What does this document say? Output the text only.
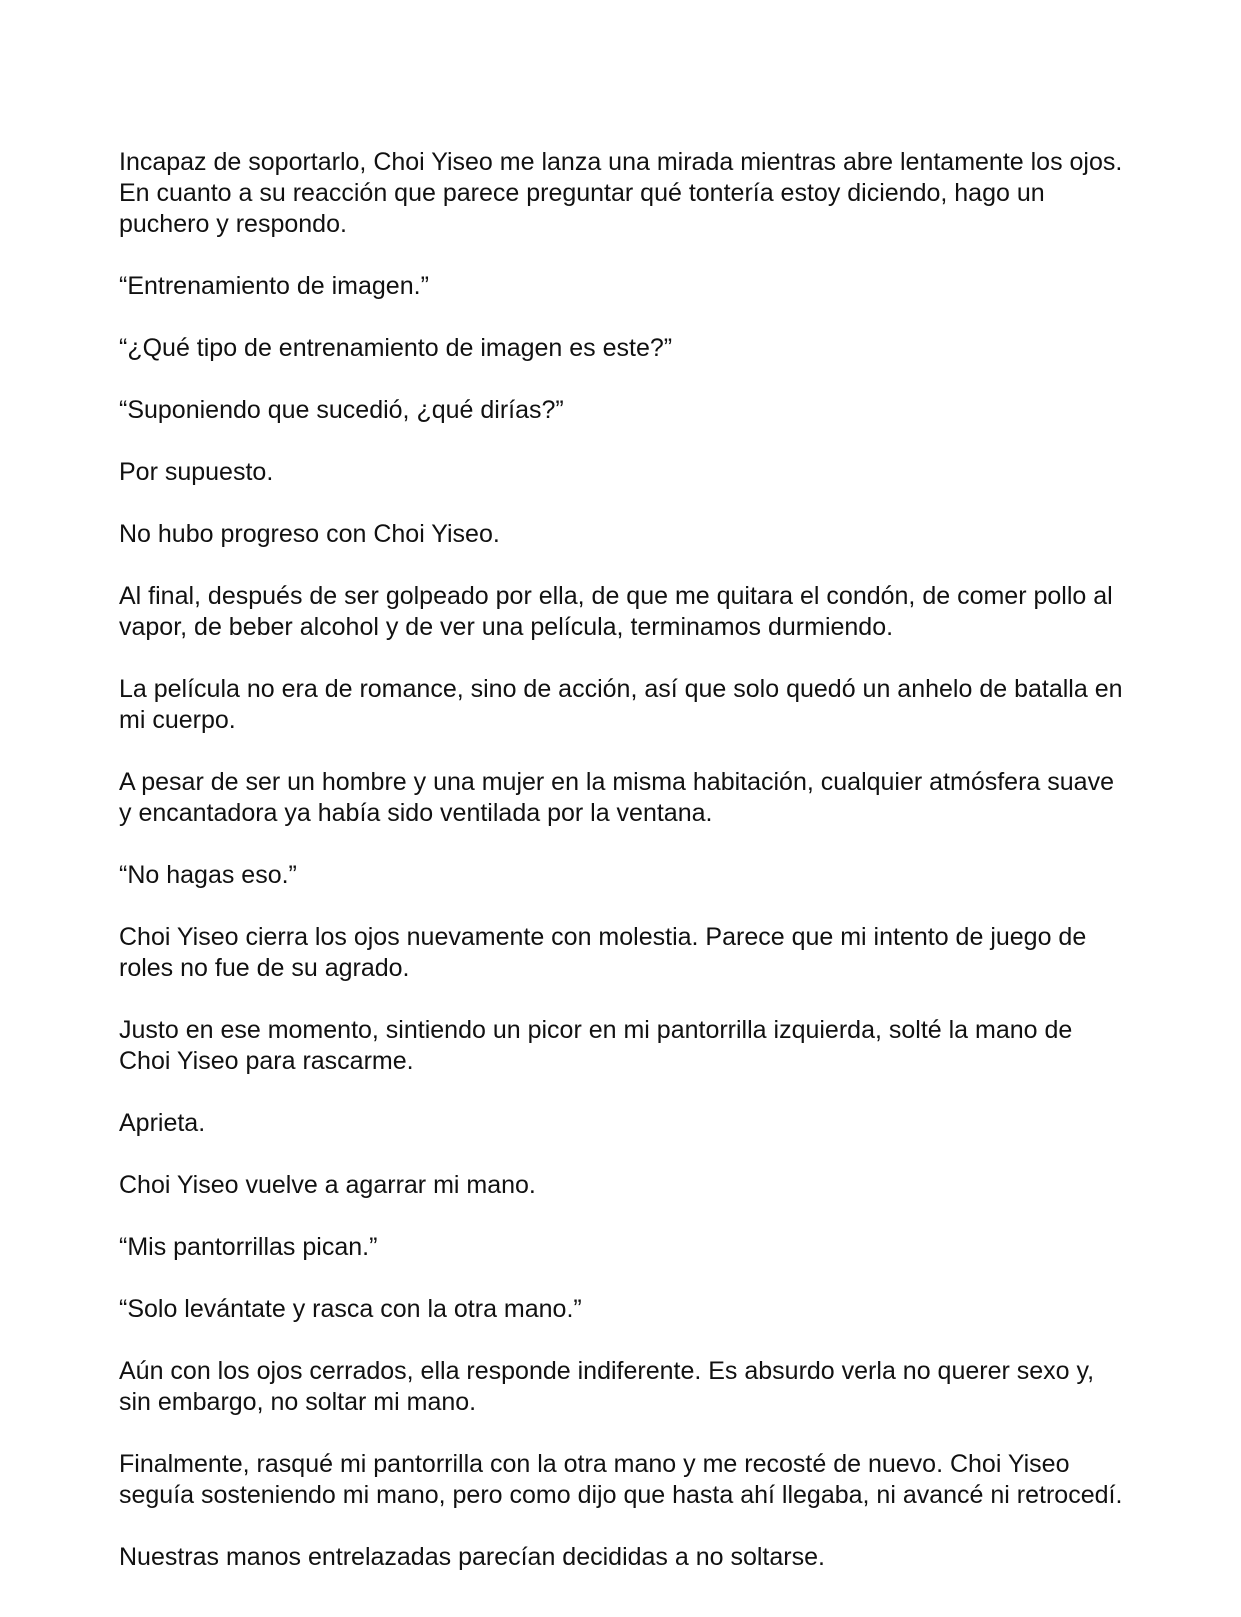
Incapaz de soportarlo, Choi Yiseo me lanza una mirada mientras abre lentamente los ojos. En cuanto a su reacción que parece preguntar qué tontería estoy diciendo, hago un puchero y respondo.

“Entrenamiento de imagen.”

“¿Qué tipo de entrenamiento de imagen es este?”

“Suponiendo que sucedió, ¿qué dirías?”

Por supuesto.

No hubo progreso con Choi Yiseo.

Al final, después de ser golpeado por ella, de que me quitara el condón, de comer pollo al vapor, de beber alcohol y de ver una película, terminamos durmiendo.

La película no era de romance, sino de acción, así que solo quedó un anhelo de batalla en mi cuerpo.

A pesar de ser un hombre y una mujer en la misma habitación, cualquier atmósfera suave y encantadora ya había sido ventilada por la ventana.

“No hagas eso.”

Choi Yiseo cierra los ojos nuevamente con molestia. Parece que mi intento de juego de roles no fue de su agrado.

Justo en ese momento, sintiendo un picor en mi pantorrilla izquierda, solté la mano de Choi Yiseo para rascarme.

Aprieta.

Choi Yiseo vuelve a agarrar mi mano.

“Mis pantorrillas pican.”

“Solo levántate y rasca con la otra mano.”

Aún con los ojos cerrados, ella responde indiferente. Es absurdo verla no querer sexo y, sin embargo, no soltar mi mano.

Finalmente, rasqué mi pantorrilla con la otra mano y me recosté de nuevo. Choi Yiseo seguía sosteniendo mi mano, pero como dijo que hasta ahí llegaba, ni avancé ni retrocedí.

Nuestras manos entrelazadas parecían decididas a no soltarse.
